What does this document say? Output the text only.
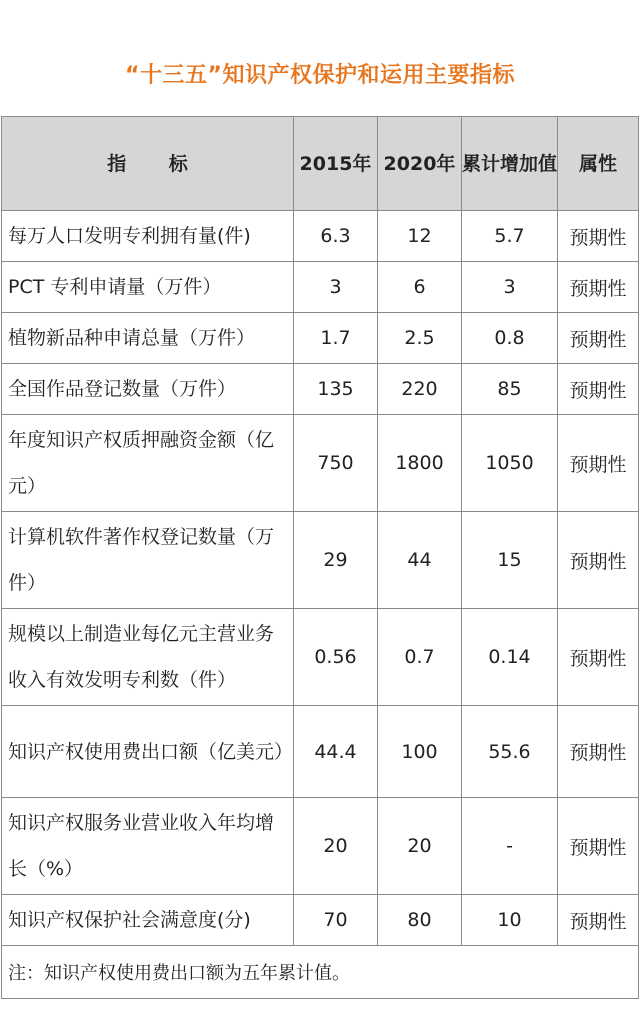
“十三五”知识产权保护和运用主要指标
指 标	2015年	2020年	累计增加值	属性
每万人口发明专利拥有量(件)	6.3	12	5.7	预期性
PCT 专利申请量（万件）	3	6	3	预期性
植物新品种申请总量（万件）	1.7	2.5	0.8	预期性
全国作品登记数量（万件）	135	220	85	预期性
年度知识产权质押融资金额（亿元）	750	1800	1050	预期性
计算机软件著作权登记数量（万件）	29	44	15	预期性
规模以上制造业每亿元主营业务收入有效发明专利数（件）	0.56	0.7	0.14	预期性
知识产权使用费出口额（亿美元）	44.4	100	55.6	预期性
知识产权服务业营业收入年均增长（%）	20	20	-	预期性
知识产权保护社会满意度(分)	70	80	10	预期性
注：知识产权使用费出口额为五年累计值。				
